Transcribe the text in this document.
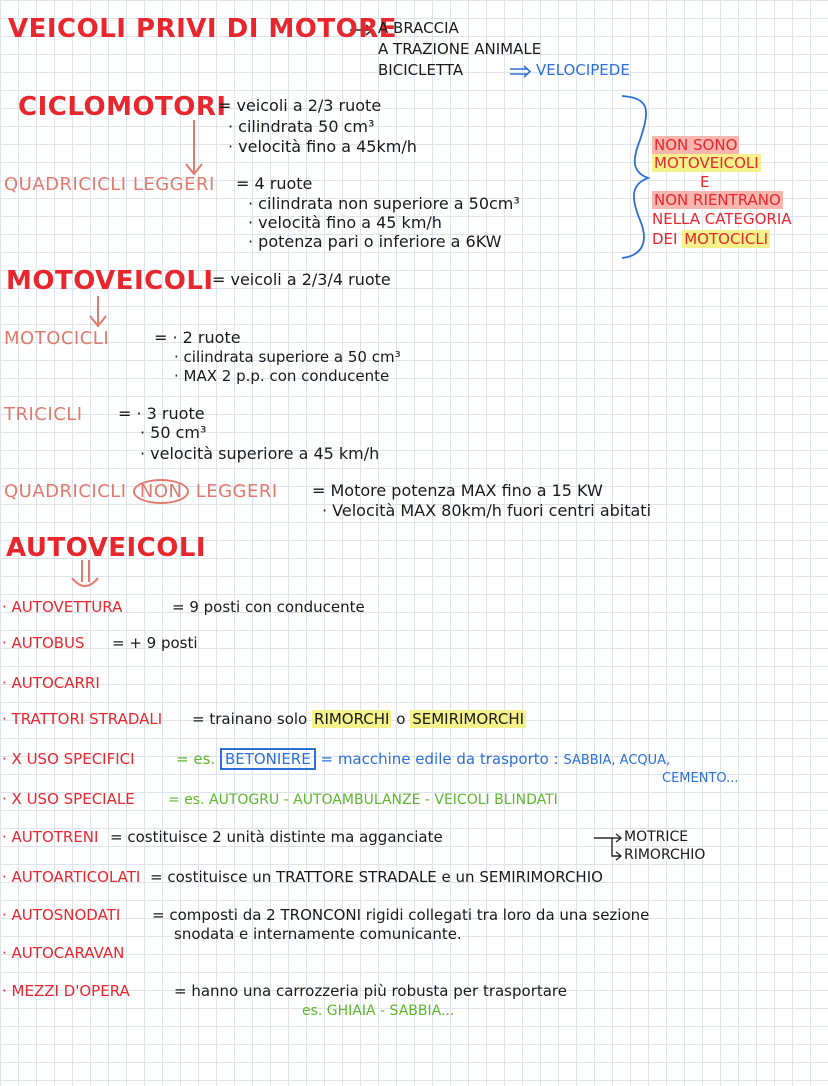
VEICOLI PRIVI DI MOTORE
A BRACCIA
A TRAZIONE ANIMALE
BICICLETTA	VELOCIPEDE
CICLOMOTORI
= veicoli a 2/3 ruote
· cilindrata 50 cm³
· velocità fino a 45km/h
QUADRICICLI LEGGERI = 4 ruote
· cilindrata non superiore a 50cm³
· velocità fino a 45 km/h
· potenza pari o inferiore a 6KW
NON SONO
MOTOVEICOLI
E
NON RIENTRANO
NELLA CATEGORIA
DEI MOTOCICLI
MOTOVEICOLI
= veicoli a 2/3/4 ruote
MOTOCICLI	= · 2 ruote
· cilindrata superiore a 50 cm³
· MAX 2 p.p. con conducente
TRICICLI = · 3 ruote
· 50 cm³
· velocità superiore a 45 km/h
QUADRICICLI NON LEGGERI = Motore potenza MAX fino a 15 KW
· Velocità MAX 80km/h fuori centri abitati
AUTOVEICOLI
· AUTOVETTURA	= 9 posti con conducente
· AUTOBUS = + 9 posti
· AUTOCARRI
· TRATTORI STRADALI = trainano solo RIMORCHI o SEMIRIMORCHI
· X USO SPECIFICI	= es. BETONIERE = macchine edile da trasporto : SABBIA, ACQUA,
CEMENTO...
· X USO SPECIALE = es. AUTOGRU - AUTOAMBULANZE - VEICOLI BLINDATI
· AUTOTRENI = costituisce 2 unità distinte ma agganciate	MOTRICE
RIMORCHIO
· AUTOARTICOLATI = costituisce un TRATTORE STRADALE e un SEMIRIMORCHIO
· AUTOSNODATI = composti da 2 TRONCONI rigidi collegati tra loro da una sezione
snodata e internamente comunicante.
· AUTOCARAVAN
· MEZZI D'OPERA	= hanno una carrozzeria più robusta per trasportare
es. GHIAIA - SABBIA...
